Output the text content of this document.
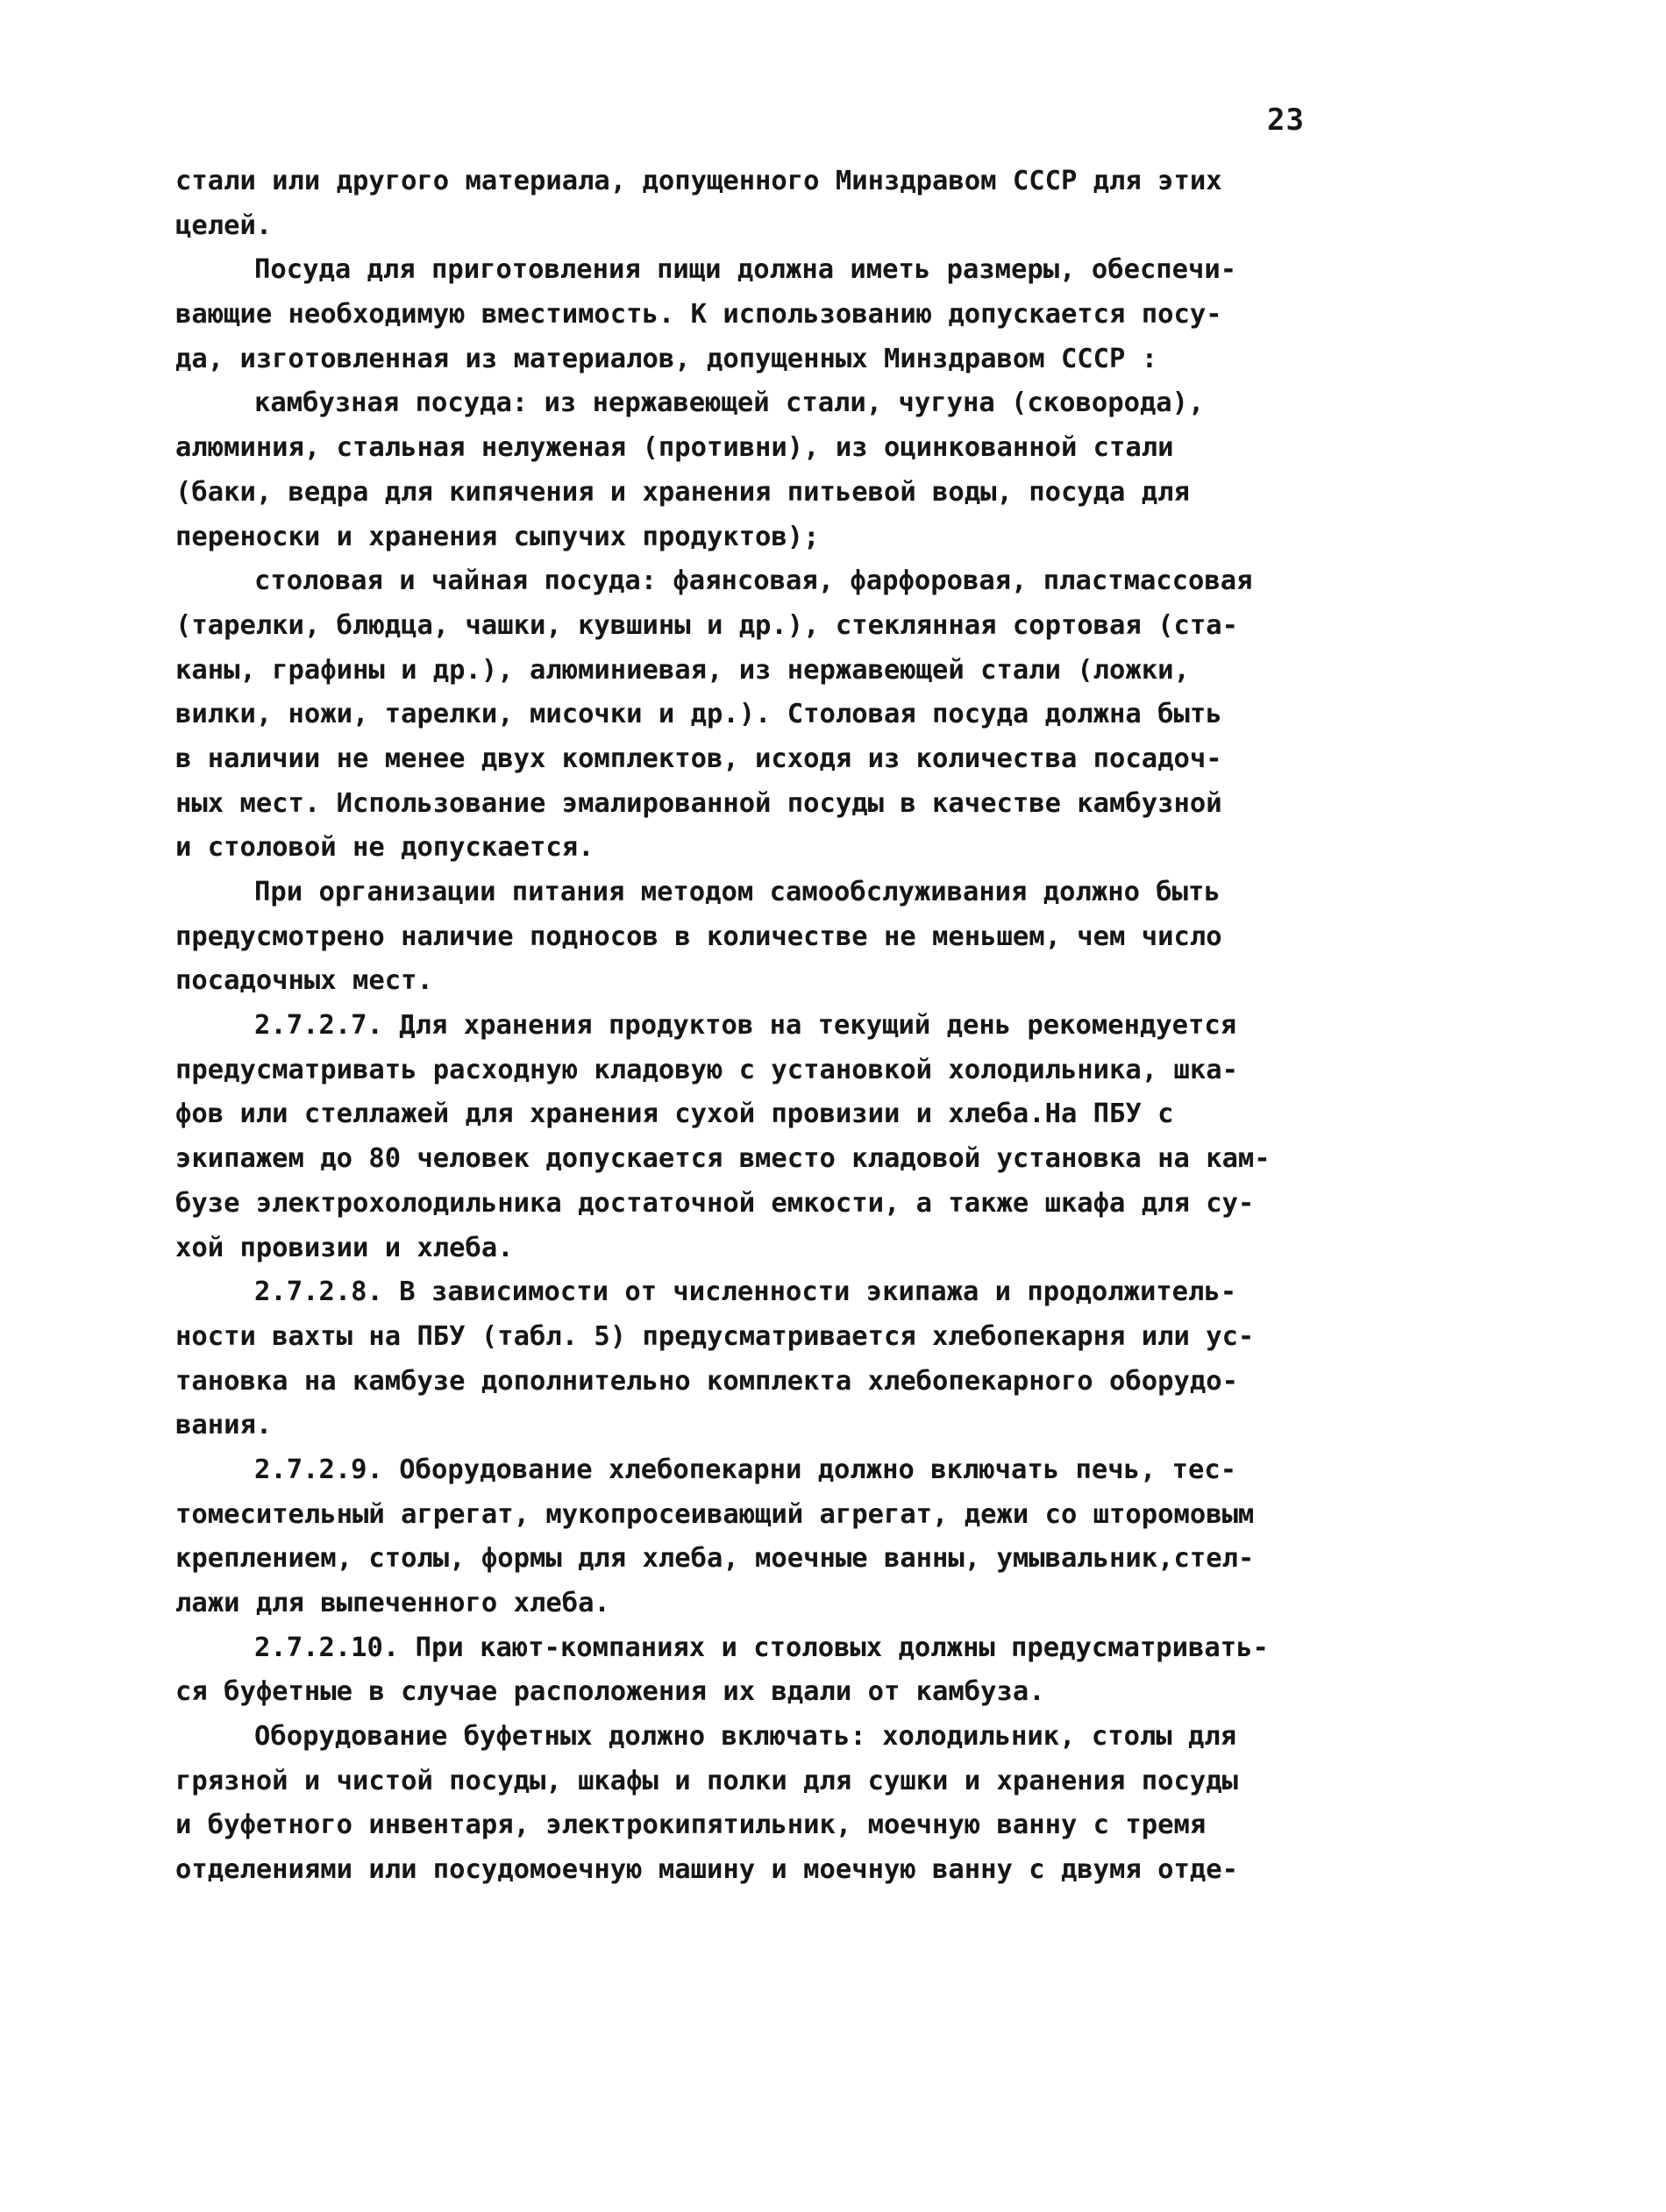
23
стали или другого материала, допущенного Минздравом СССР для этих
целей.
Посуда для приготовления пищи должна иметь размеры, обеспечи-
вающие необходимую вместимость. К использованию допускается посу-
да, изготовленная из материалов, допущенных Минздравом СССР :
камбузная посуда: из нержавеющей стали, чугуна (сковорода),
алюминия, стальная нелуженая (противни), из оцинкованной стали
(баки, ведра для кипячения и хранения питьевой воды, посуда для
переноски и хранения сыпучих продуктов);
столовая и чайная посуда: фаянсовая, фарфоровая, пластмассовая
(тарелки, блюдца, чашки, кувшины и др.), стеклянная сортовая (ста-
каны, графины и др.), алюминиевая, из нержавеющей стали (ложки,
вилки, ножи, тарелки, мисочки и др.). Столовая посуда должна быть
в наличии не менее двух комплектов, исходя из количества посадоч-
ных мест. Использование эмалированной посуды в качестве камбузной
и столовой не допускается.
При организации питания методом самообслуживания должно быть
предусмотрено наличие подносов в количестве не меньшем, чем число
посадочных мест.
2.7.2.7. Для хранения продуктов на текущий день рекомендуется
предусматривать расходную кладовую с установкой холодильника, шка-
фов или стеллажей для хранения сухой провизии и хлеба.На ПБУ с
экипажем до 80 человек допускается вместо кладовой установка на кам-
бузе электрохолодильника достаточной емкости, а также шкафа для су-
хой провизии и хлеба.
2.7.2.8. В зависимости от численности экипажа и продолжитель-
ности вахты на ПБУ (табл. 5) предусматривается хлебопекарня или ус-
тановка на камбузе дополнительно комплекта хлебопекарного оборудо-
вания.
2.7.2.9. Оборудование хлебопекарни должно включать печь, тес-
томесительный агрегат, мукопросеивающий агрегат, дежи со шторомовым
креплением, столы, формы для хлеба, моечные ванны, умывальник,стел-
лажи для выпеченного хлеба.
2.7.2.10. При кают-компаниях и столовых должны предусматривать-
ся буфетные в случае расположения их вдали от камбуза.
Оборудование буфетных должно включать: холодильник, столы для
грязной и чистой посуды, шкафы и полки для сушки и хранения посуды
и буфетного инвентаря, электрокипятильник, моечную ванну с тремя
отделениями или посудомоечную машину и моечную ванну с двумя отде-
